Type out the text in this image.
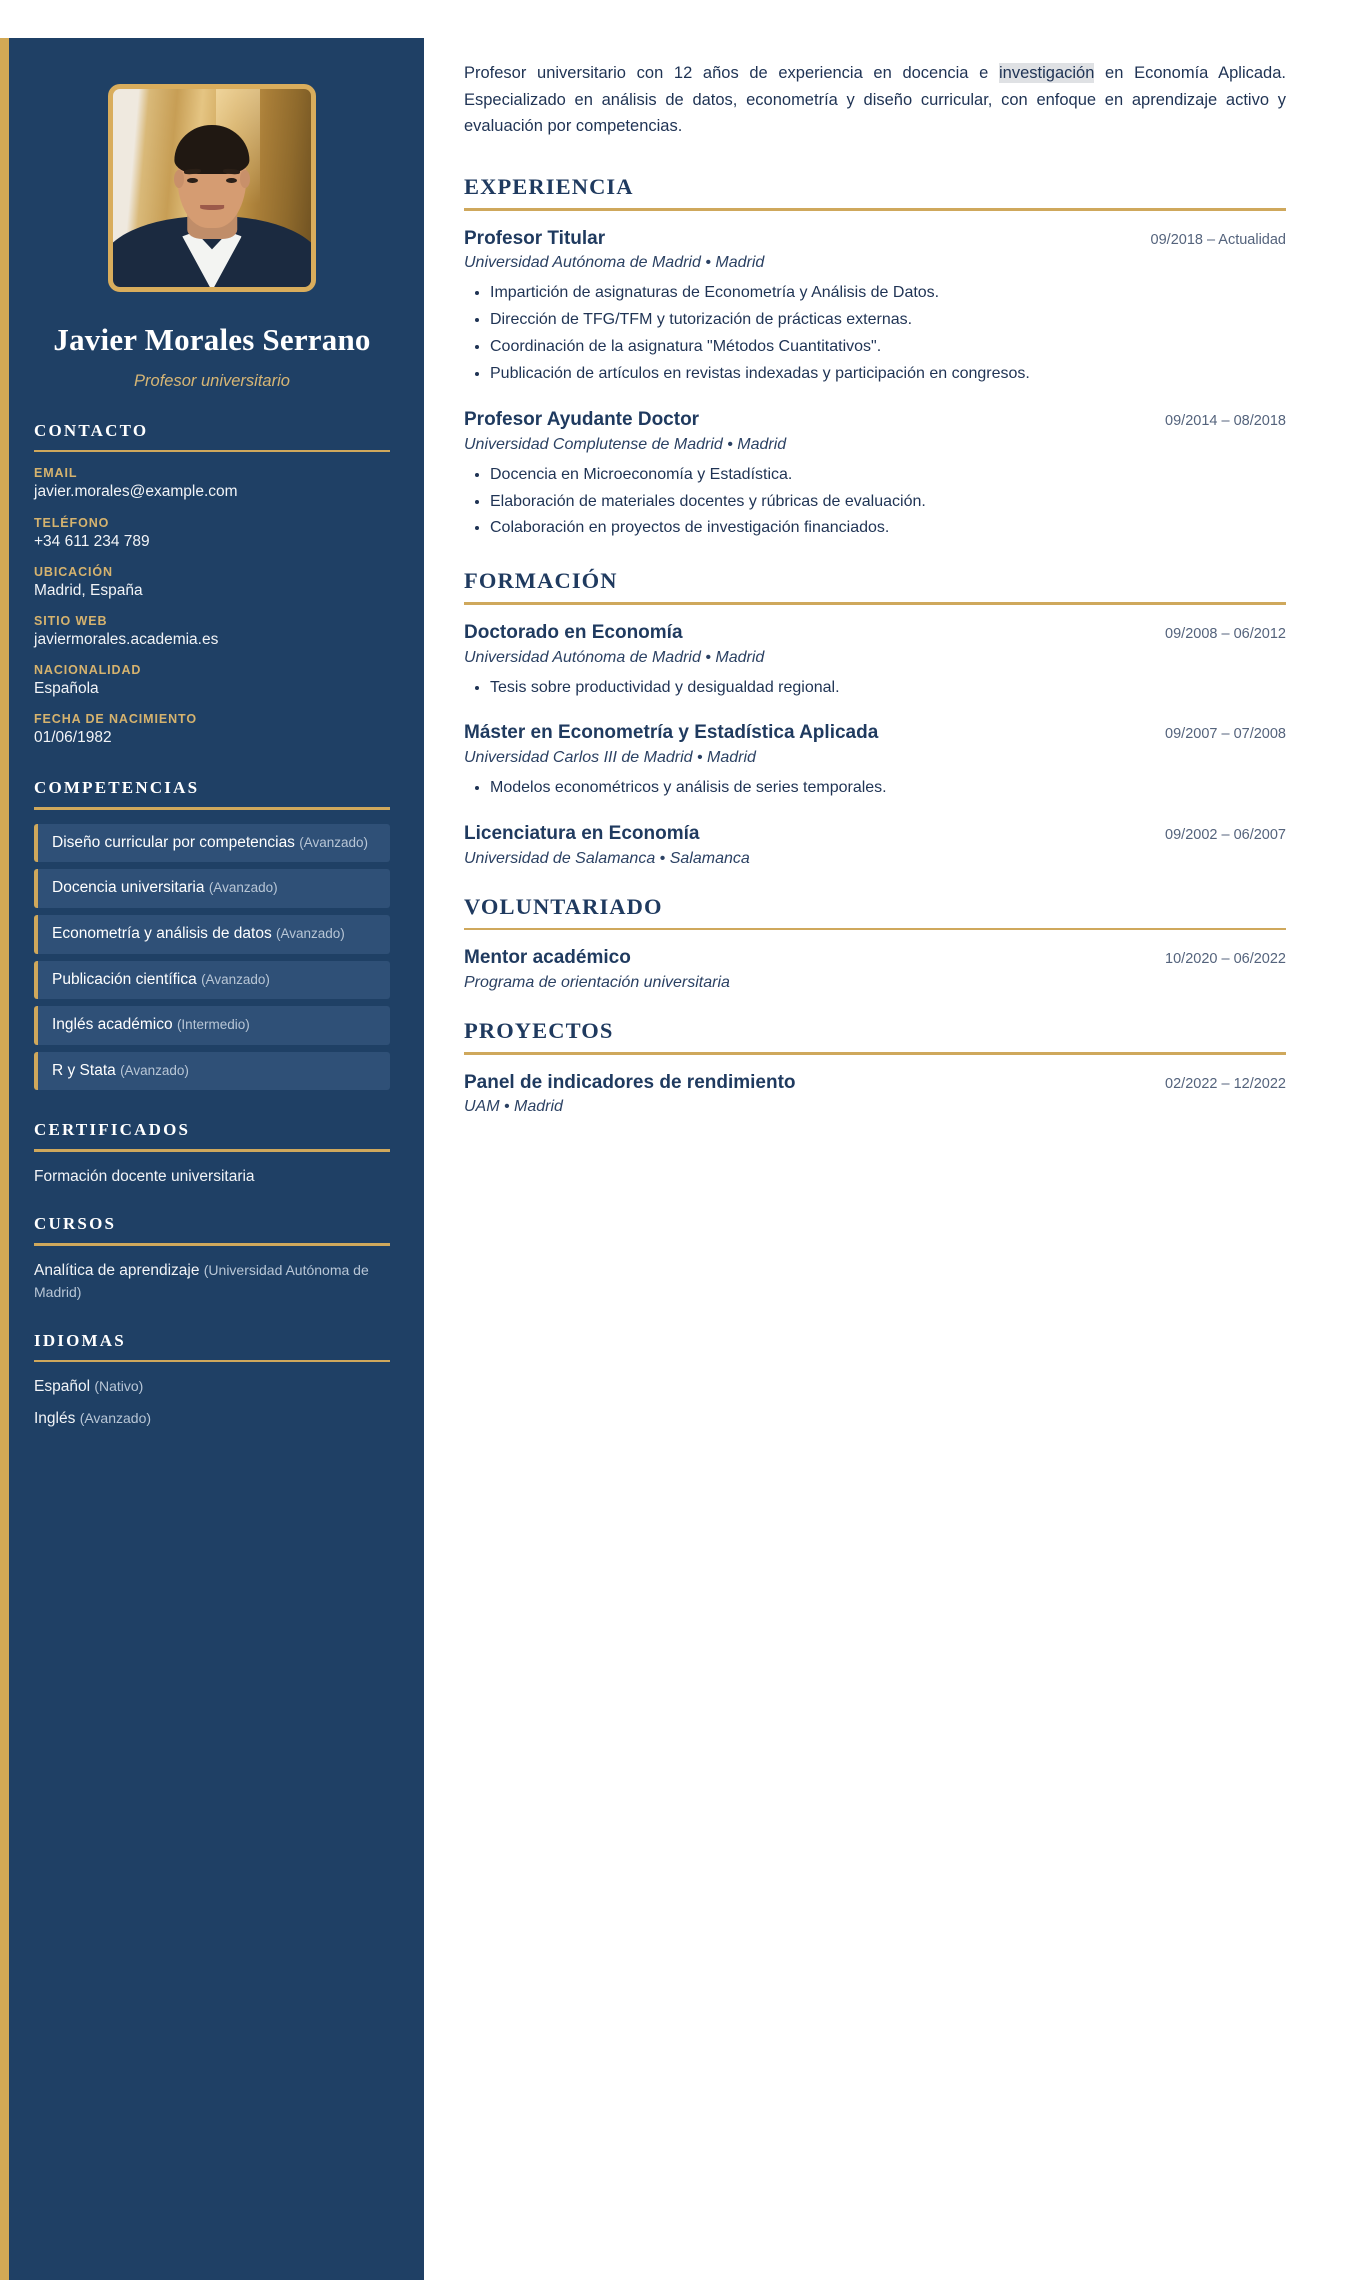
Javier Morales Serrano
Profesor universitario
CONTACTO
EMAIL
javier.morales@example.com
TELÉFONO
+34 611 234 789
UBICACIÓN
Madrid, España
SITIO WEB
javiermorales.academia.es
NACIONALIDAD
Española
FECHA DE NACIMIENTO
01/06/1982
COMPETENCIAS
Diseño curricular por competencias (Avanzado)
Docencia universitaria (Avanzado)
Econometría y análisis de datos (Avanzado)
Publicación científica (Avanzado)
Inglés académico (Intermedio)
R y Stata (Avanzado)
CERTIFICADOS
Formación docente universitaria
CURSOS
Analítica de aprendizaje (Universidad Autónoma de Madrid)
IDIOMAS
Español (Nativo)
Inglés (Avanzado)

Profesor universitario con 12 años de experiencia en docencia e investigación en Economía Aplicada. Especializado en análisis de datos, econometría y diseño curricular, con enfoque en aprendizaje activo y evaluación por competencias.

EXPERIENCIA
Profesor Titular	09/2018 – Actualidad
Universidad Autónoma de Madrid • Madrid
• Impartición de asignaturas de Econometría y Análisis de Datos.
• Dirección de TFG/TFM y tutorización de prácticas externas.
• Coordinación de la asignatura "Métodos Cuantitativos".
• Publicación de artículos en revistas indexadas y participación en congresos.
Profesor Ayudante Doctor	09/2014 – 08/2018
Universidad Complutense de Madrid • Madrid
• Docencia en Microeconomía y Estadística.
• Elaboración de materiales docentes y rúbricas de evaluación.
• Colaboración en proyectos de investigación financiados.
FORMACIÓN
Doctorado en Economía	09/2008 – 06/2012
Universidad Autónoma de Madrid • Madrid
• Tesis sobre productividad y desigualdad regional.
Máster en Econometría y Estadística Aplicada	09/2007 – 07/2008
Universidad Carlos III de Madrid • Madrid
• Modelos econométricos y análisis de series temporales.
Licenciatura en Economía	09/2002 – 06/2007
Universidad de Salamanca • Salamanca
VOLUNTARIADO
Mentor académico	10/2020 – 06/2022
Programa de orientación universitaria
PROYECTOS
Panel de indicadores de rendimiento	02/2022 – 12/2022
UAM • Madrid
